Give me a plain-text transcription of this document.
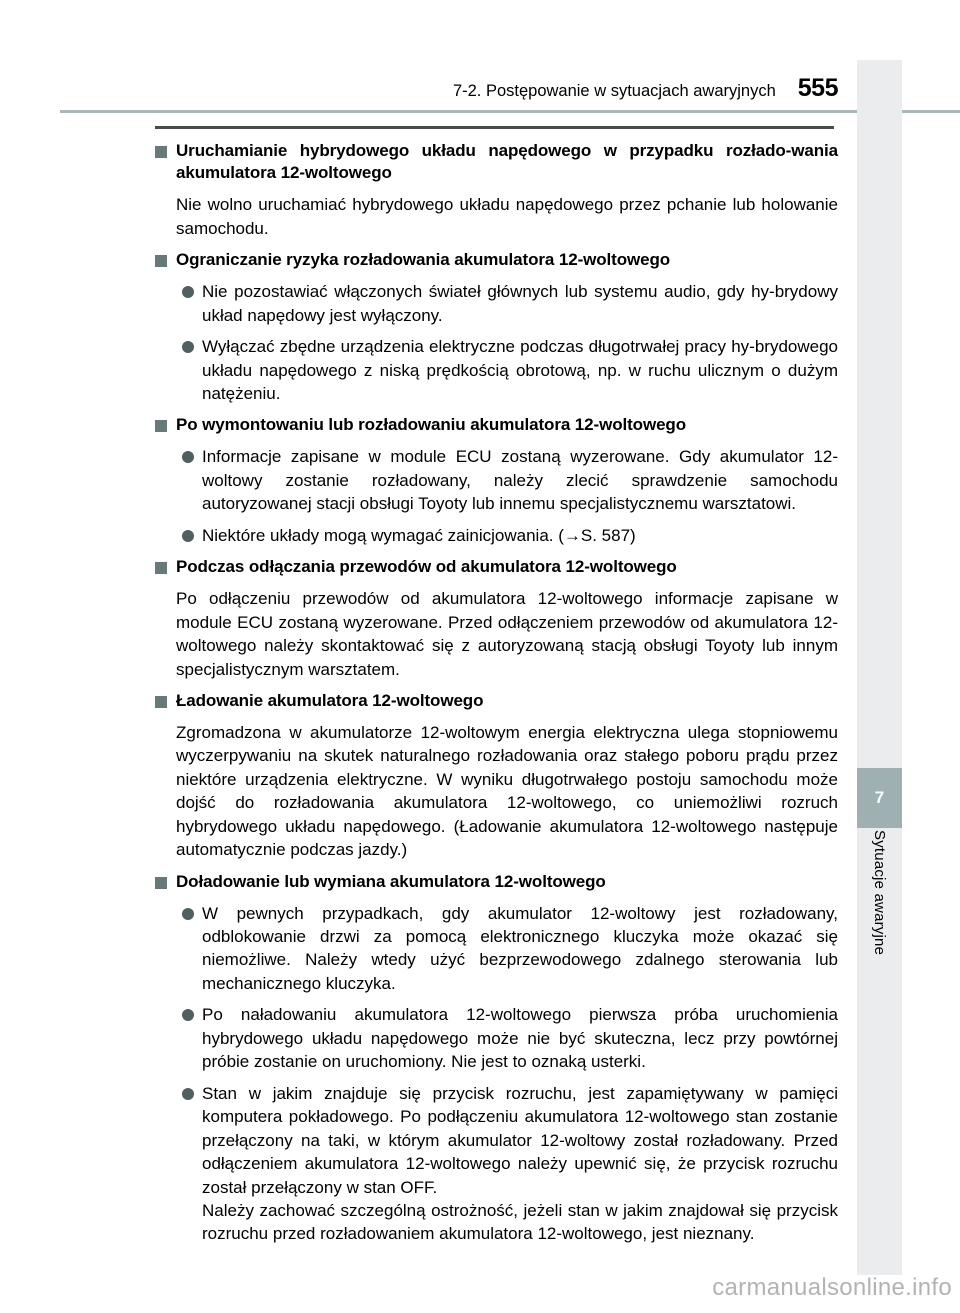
7-2. Postępowanie w sytuacjach awaryjnych 555
7
Sytuacje awaryjne
Uruchamianie hybrydowego układu napędowego w przypadku rozłado-wania akumulatora 12-woltowego
Nie wolno uruchamiać hybrydowego układu napędowego przez pchanie lub holowanie samochodu.
Ograniczanie ryzyka rozładowania akumulatora 12-woltowego
Nie pozostawiać włączonych świateł głównych lub systemu audio, gdy hy-brydowy układ napędowy jest wyłączony.
Wyłączać zbędne urządzenia elektryczne podczas długotrwałej pracy hy-brydowego układu napędowego z niską prędkością obrotową, np. w ruchu ulicznym o dużym natężeniu.
Po wymontowaniu lub rozładowaniu akumulatora 12-woltowego
Informacje zapisane w module ECU zostaną wyzerowane. Gdy akumulator 12-woltowy zostanie rozładowany, należy zlecić sprawdzenie samochodu autoryzowanej stacji obsługi Toyoty lub innemu specjalistycznemu warsztatowi.
Niektóre układy mogą wymagać zainicjowania. (→S. 587)
Podczas odłączania przewodów od akumulatora 12-woltowego
Po odłączeniu przewodów od akumulatora 12-woltowego informacje zapisane w module ECU zostaną wyzerowane. Przed odłączeniem przewodów od akumulatora 12-woltowego należy skontaktować się z autoryzowaną stacją obsługi Toyoty lub innym specjalistycznym warsztatem.
Ładowanie akumulatora 12-woltowego
Zgromadzona w akumulatorze 12-woltowym energia elektryczna ulega stopniowemu wyczerpywaniu na skutek naturalnego rozładowania oraz stałego poboru prądu przez niektóre urządzenia elektryczne. W wyniku długotrwałego postoju samochodu może dojść do rozładowania akumulatora 12-woltowego, co uniemożliwi rozruch hybrydowego układu napędowego. (Ładowanie akumulatora 12-woltowego następuje automatycznie podczas jazdy.)
Doładowanie lub wymiana akumulatora 12-woltowego
W pewnych przypadkach, gdy akumulator 12-woltowy jest rozładowany, odblokowanie drzwi za pomocą elektronicznego kluczyka może okazać się niemożliwe. Należy wtedy użyć bezprzewodowego zdalnego sterowania lub mechanicznego kluczyka.
Po naładowaniu akumulatora 12-woltowego pierwsza próba uruchomienia hybrydowego układu napędowego może nie być skuteczna, lecz przy powtórnej próbie zostanie on uruchomiony. Nie jest to oznaką usterki.
Stan w jakim znajduje się przycisk rozruchu, jest zapamiętywany w pamięci komputera pokładowego. Po podłączeniu akumulatora 12-woltowego stan zostanie przełączony na taki, w którym akumulator 12-woltowy został rozładowany. Przed odłączeniem akumulatora 12-woltowego należy upewnić się, że przycisk rozruchu został przełączony w stan OFF.
Należy zachować szczególną ostrożność, jeżeli stan w jakim znajdował się przycisk rozruchu przed rozładowaniem akumulatora 12-woltowego, jest nieznany.
carmanualsonline.info
